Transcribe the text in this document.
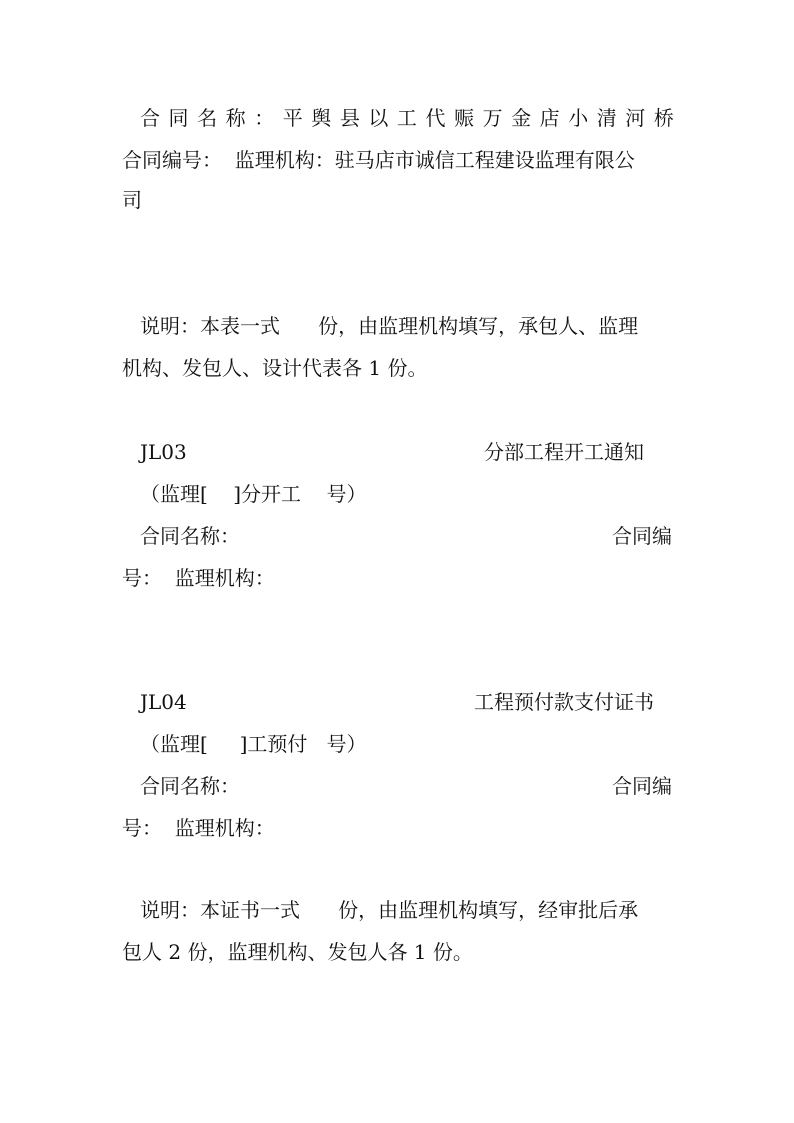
合 同 名 称 ： 平 舆 县 以 工 代 赈 万 金 店 小 清 河 桥
合同编号：  监理机构：驻马店市诚信工程建设监理有限公
司
说明：本表一式      份，由监理机构填写，承包人、监理
机构、发包人、设计代表各 1 份。
JL03	分部工程开工通知
（监理[    ]分开工    号）
合同名称：	合同编
号：  监理机构：
JL04	工程预付款支付证书
（监理[     ]工预付   号）
合同名称：	合同编
号：  监理机构：
说明：本证书一式      份，由监理机构填写，经审批后承
包人 2 份，监理机构、发包人各 1 份。
